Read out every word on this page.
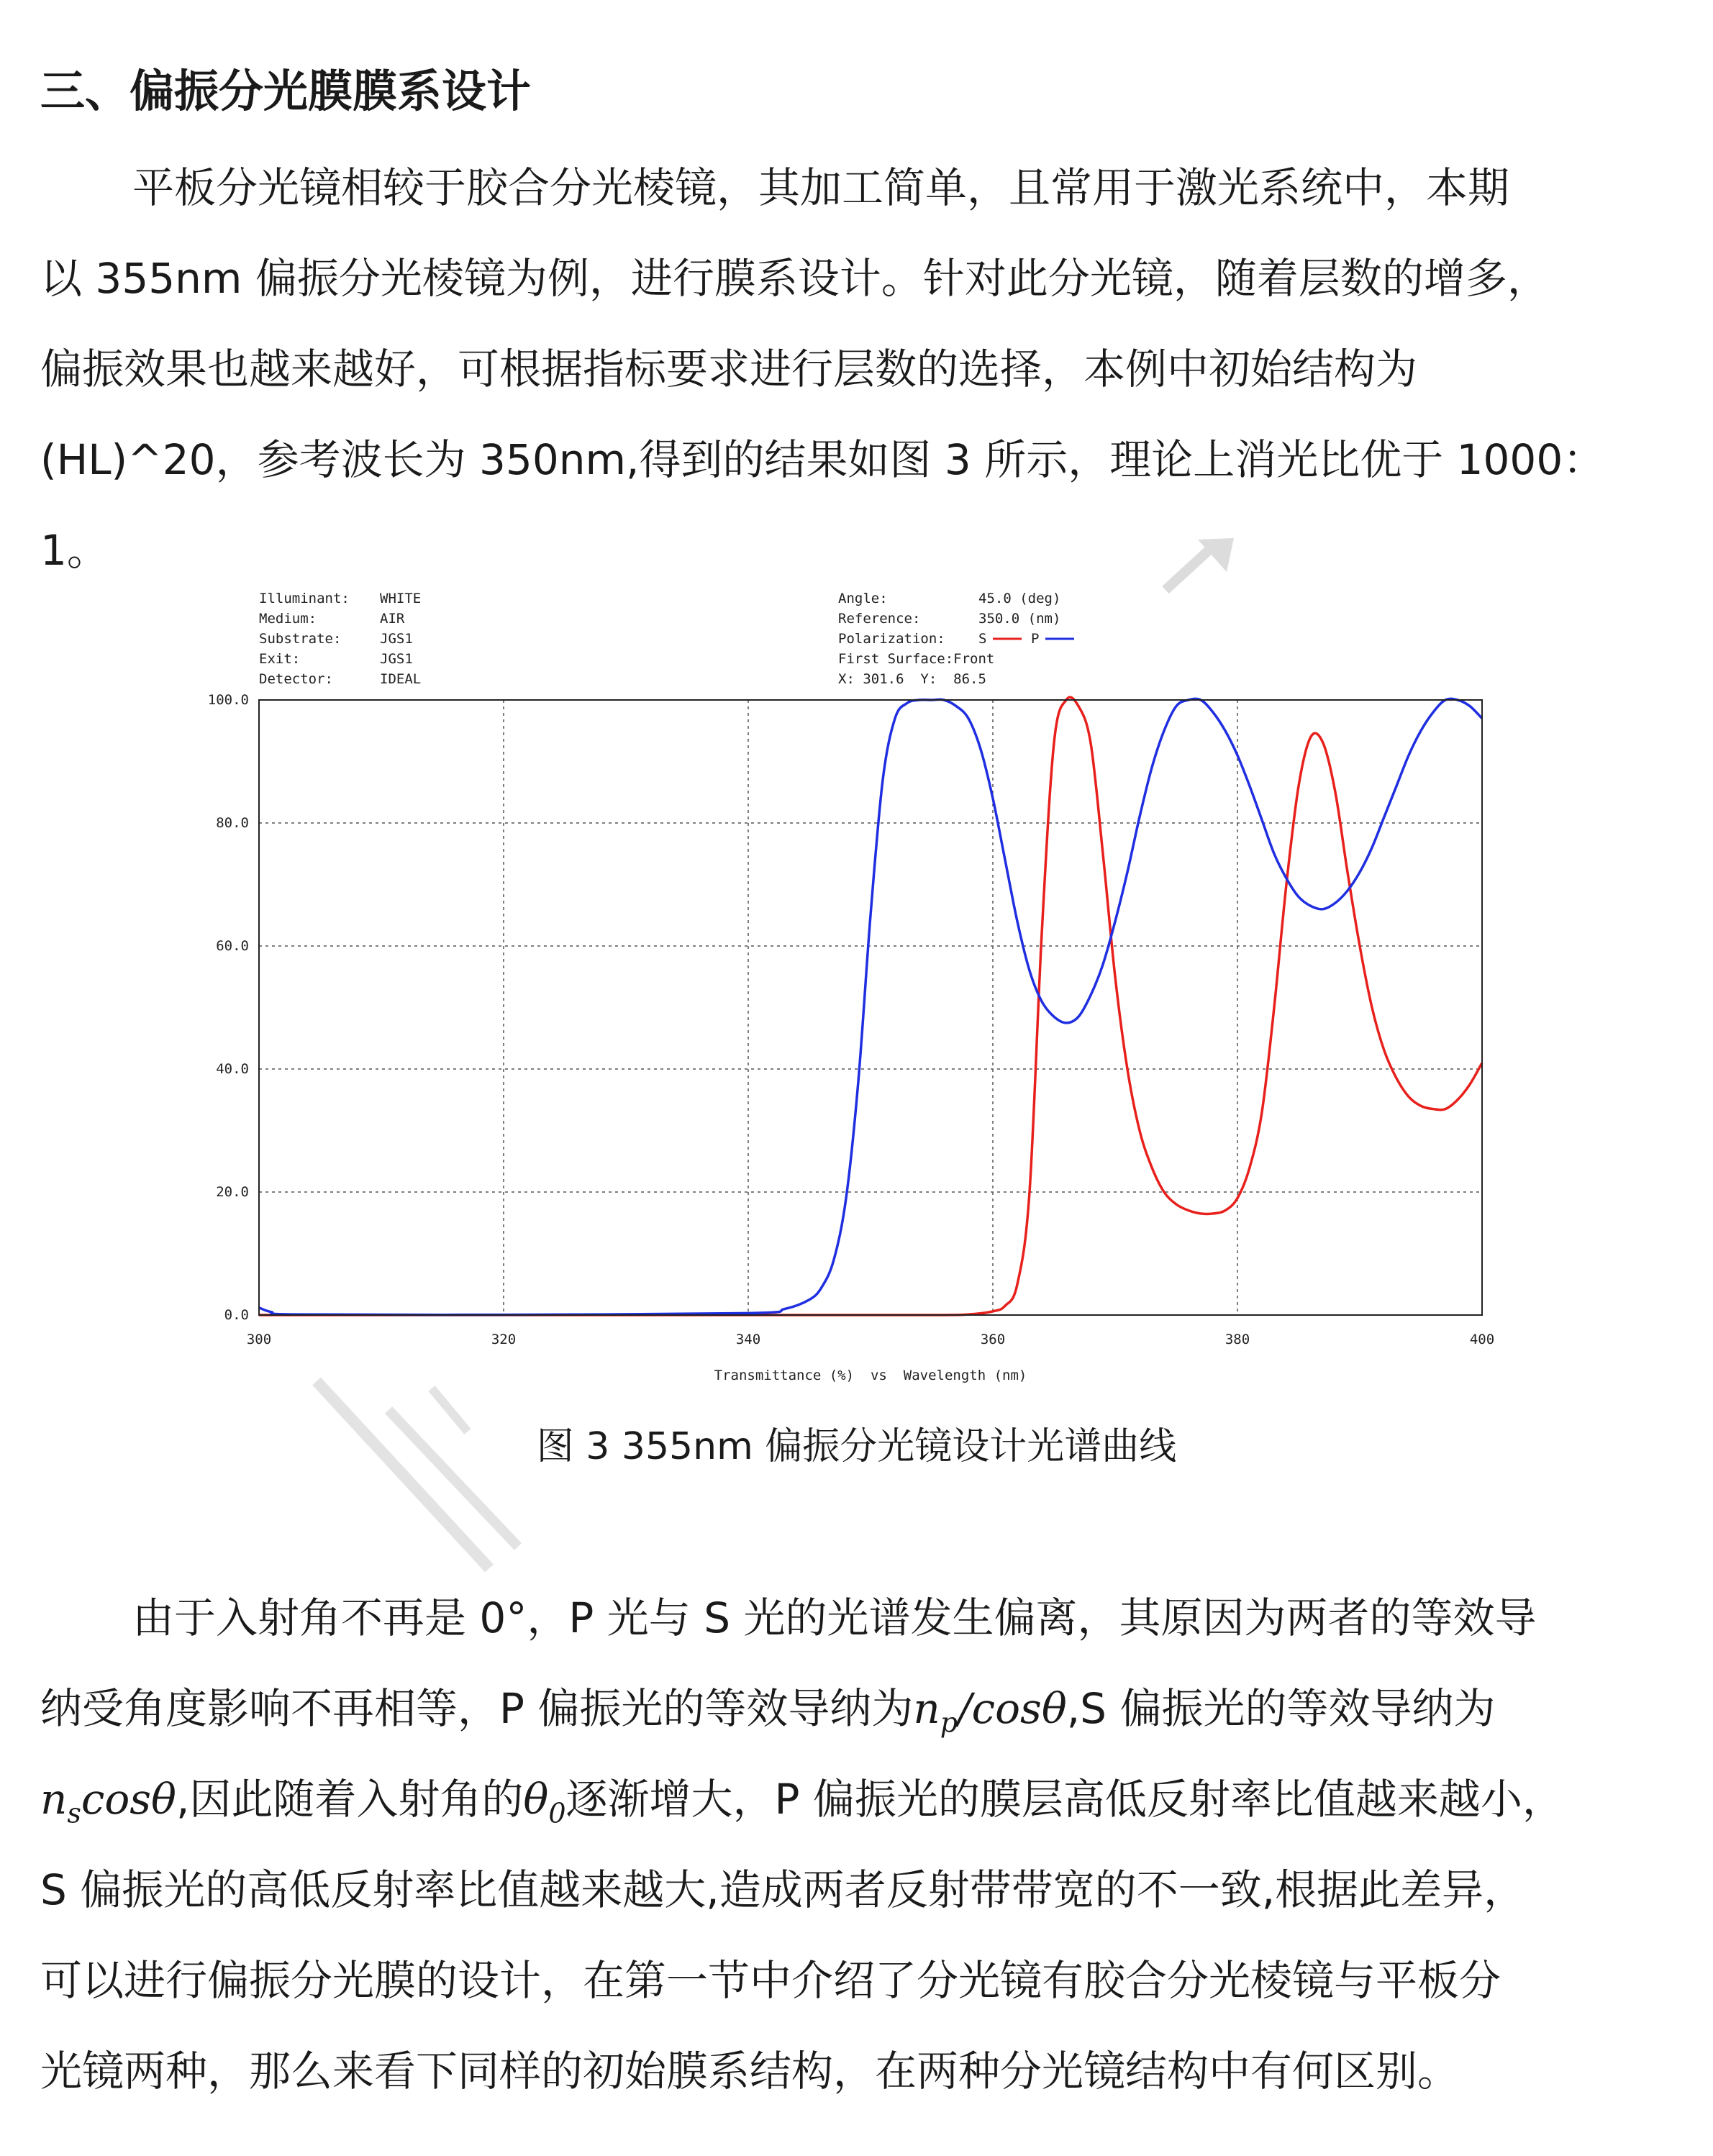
三、偏振分光膜膜系设计
平板分光镜相较于胶合分光棱镜，其加工简单，且常用于激光系统中，本期
以 355nm 偏振分光棱镜为例，进行膜系设计。针对此分光镜，随着层数的增多，
偏振效果也越来越好，可根据指标要求进行层数的选择，本例中初始结构为
(HL)^20，参考波长为 350nm,得到的结果如图 3 所示，理论上消光比优于 1000：
1。
Illuminant: WHITE
Medium:	AIR
Substrate:	JGS1
Exit:	JGS1
Detector:	IDEAL
Angle:	45.0 (deg)
Reference:	350.0 (nm)
Polarization: S	P
First Surface:Front
X: 301.6  Y:  86.5
300	320	340	360	380	400
0.0
20.0
40.0
60.0
80.0
100.0
Transmittance (%)  vs  Wavelength (nm)
图 3 355nm 偏振分光镜设计光谱曲线
由于入射角不再是 0°，P 光与 S 光的光谱发生偏离，其原因为两者的等效导
纳受角度影响不再相等，P 偏振光的等效导纳为$n_p/\cos\theta,S$ 偏振光的等效导纳为
$n_s\cos\theta$,因此随着入射角的$\theta_0$逐渐增大，P 偏振光的膜层高低反射率比值越来越小，
S 偏振光的高低反射率比值越来越大,造成两者反射带带宽的不一致,根据此差异，
可以进行偏振分光膜的设计，在第一节中介绍了分光镜有胶合分光棱镜与平板分
光镜两种，那么来看下同样的初始膜系结构，在两种分光镜结构中有何区别。
